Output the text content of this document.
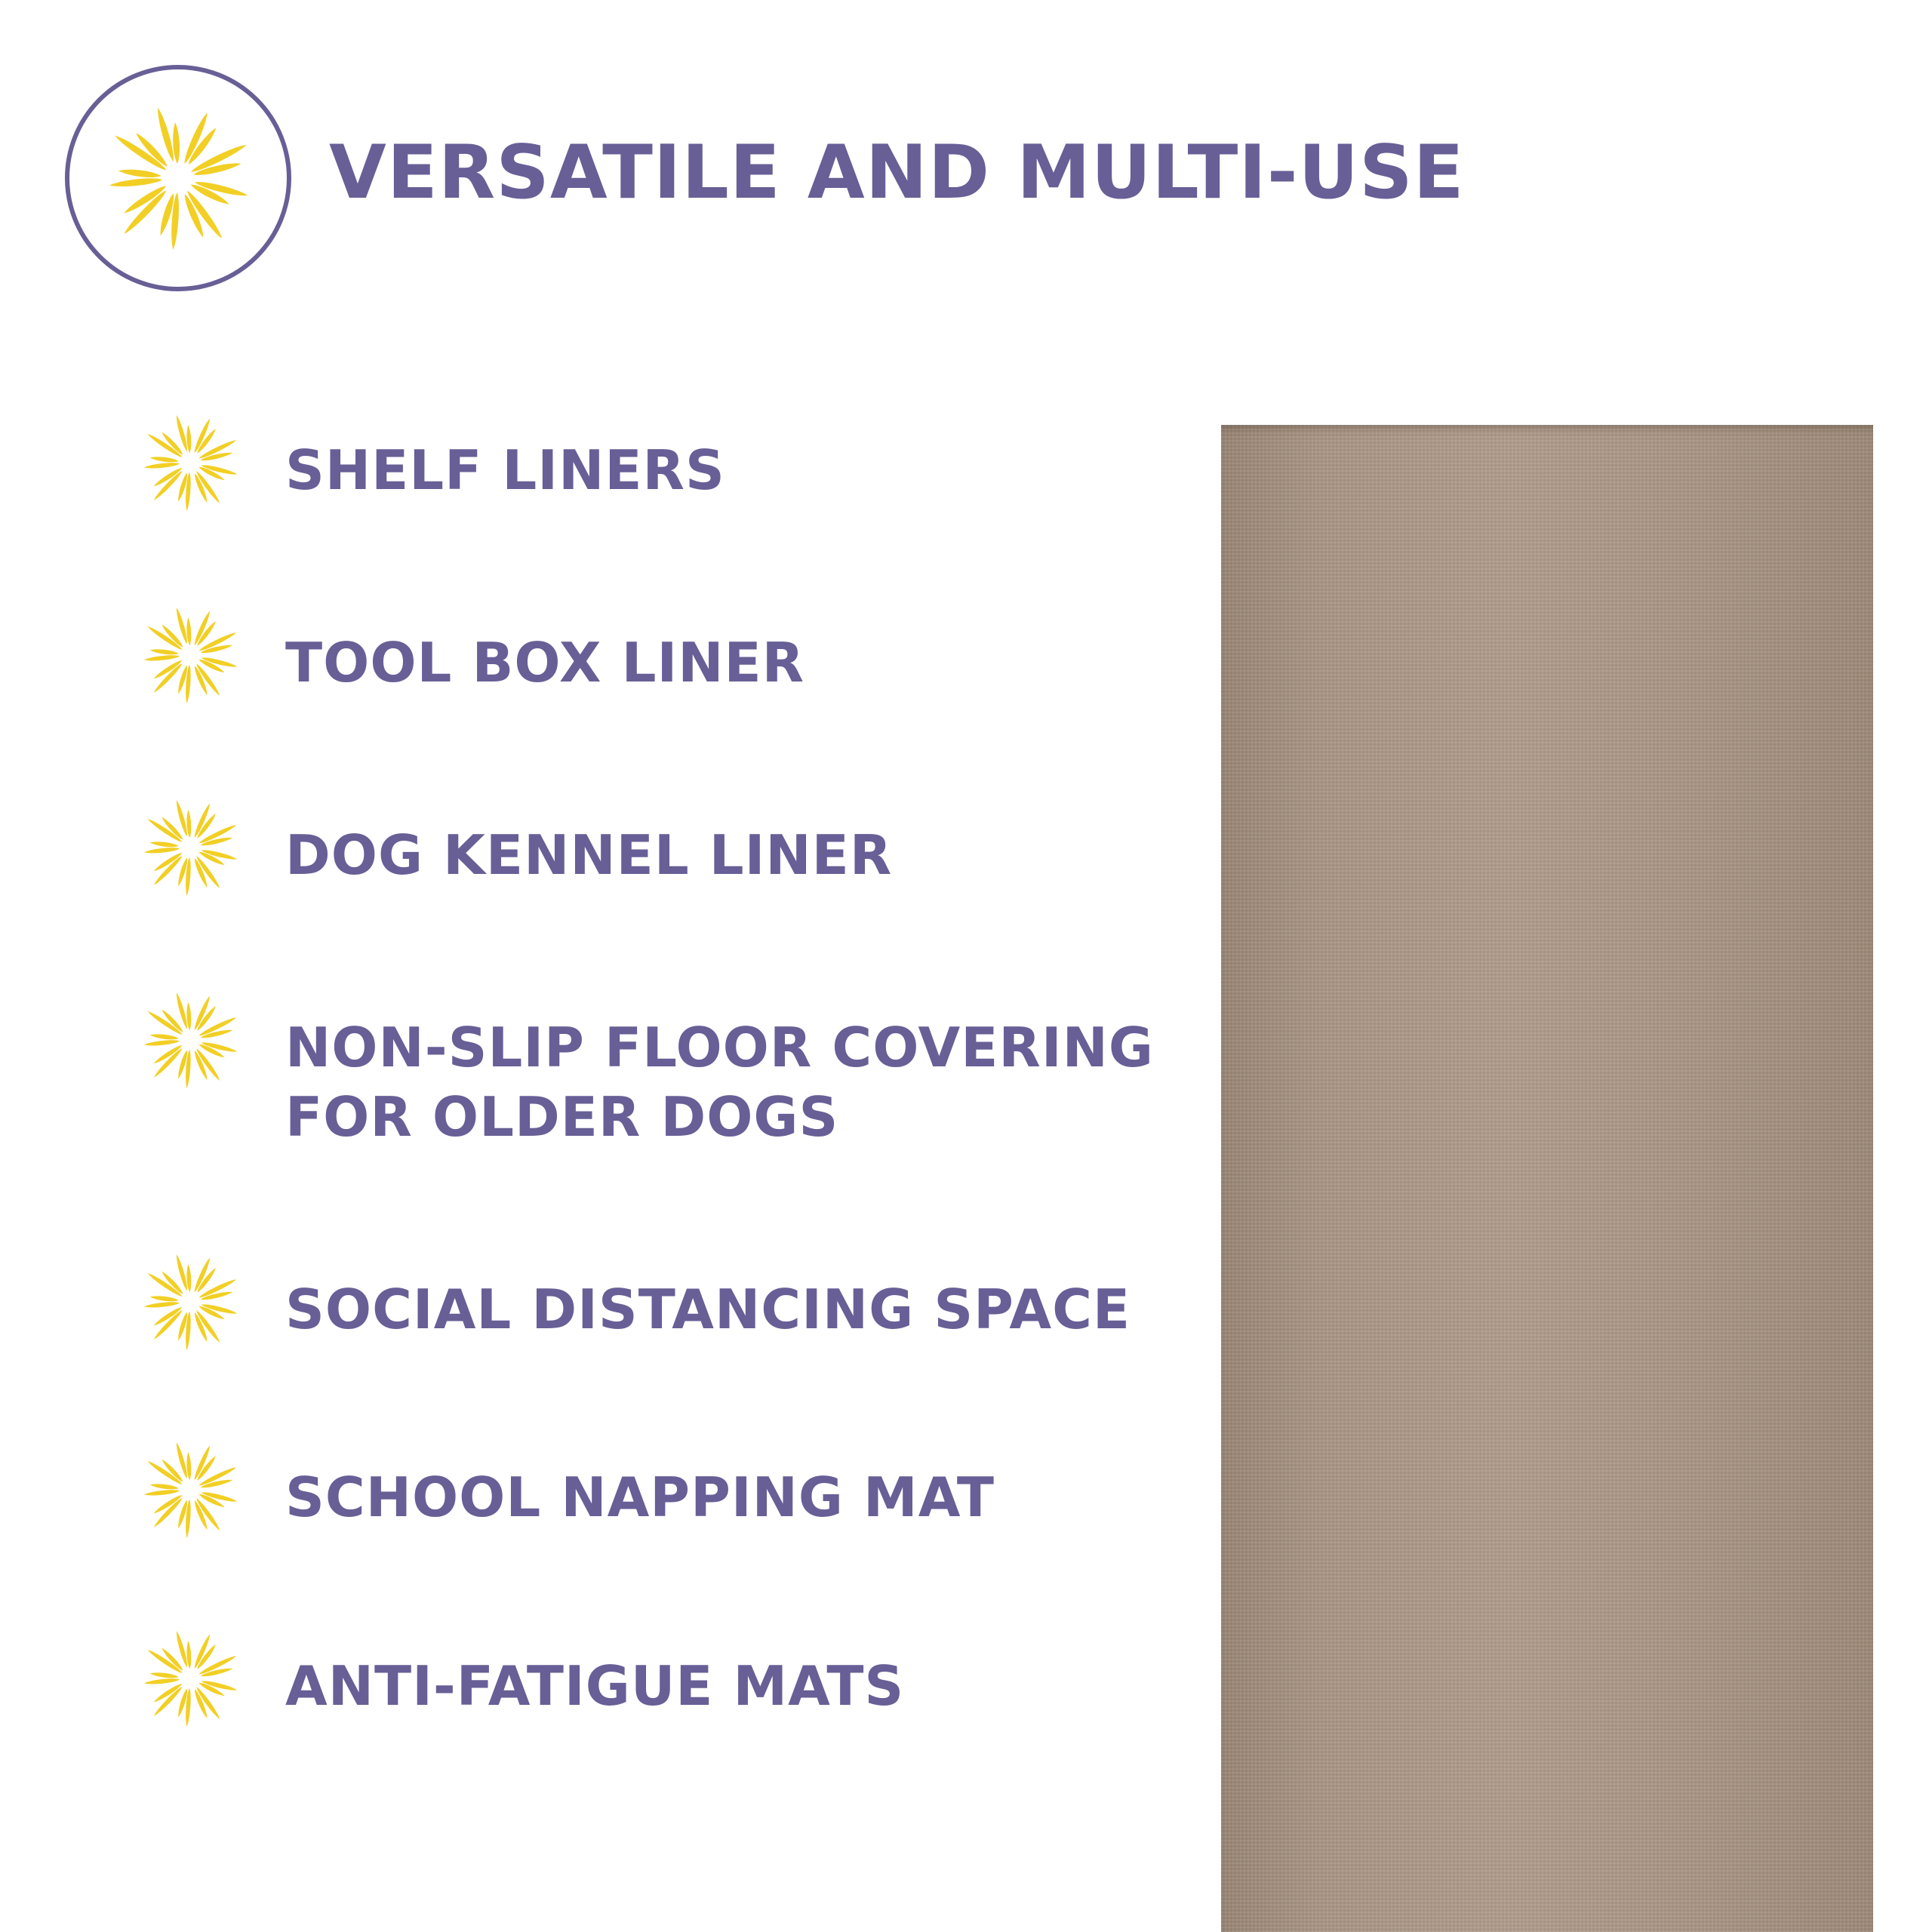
VERSATILE AND MULTI-USE
SHELF LINERS
TOOL BOX LINER
DOG KENNEL LINER
NON-SLIP FLOOR COVERING
FOR OLDER DOGS
SOCIAL DISTANCING SPACE
SCHOOL NAPPING MAT
ANTI-FATIGUE MATS
